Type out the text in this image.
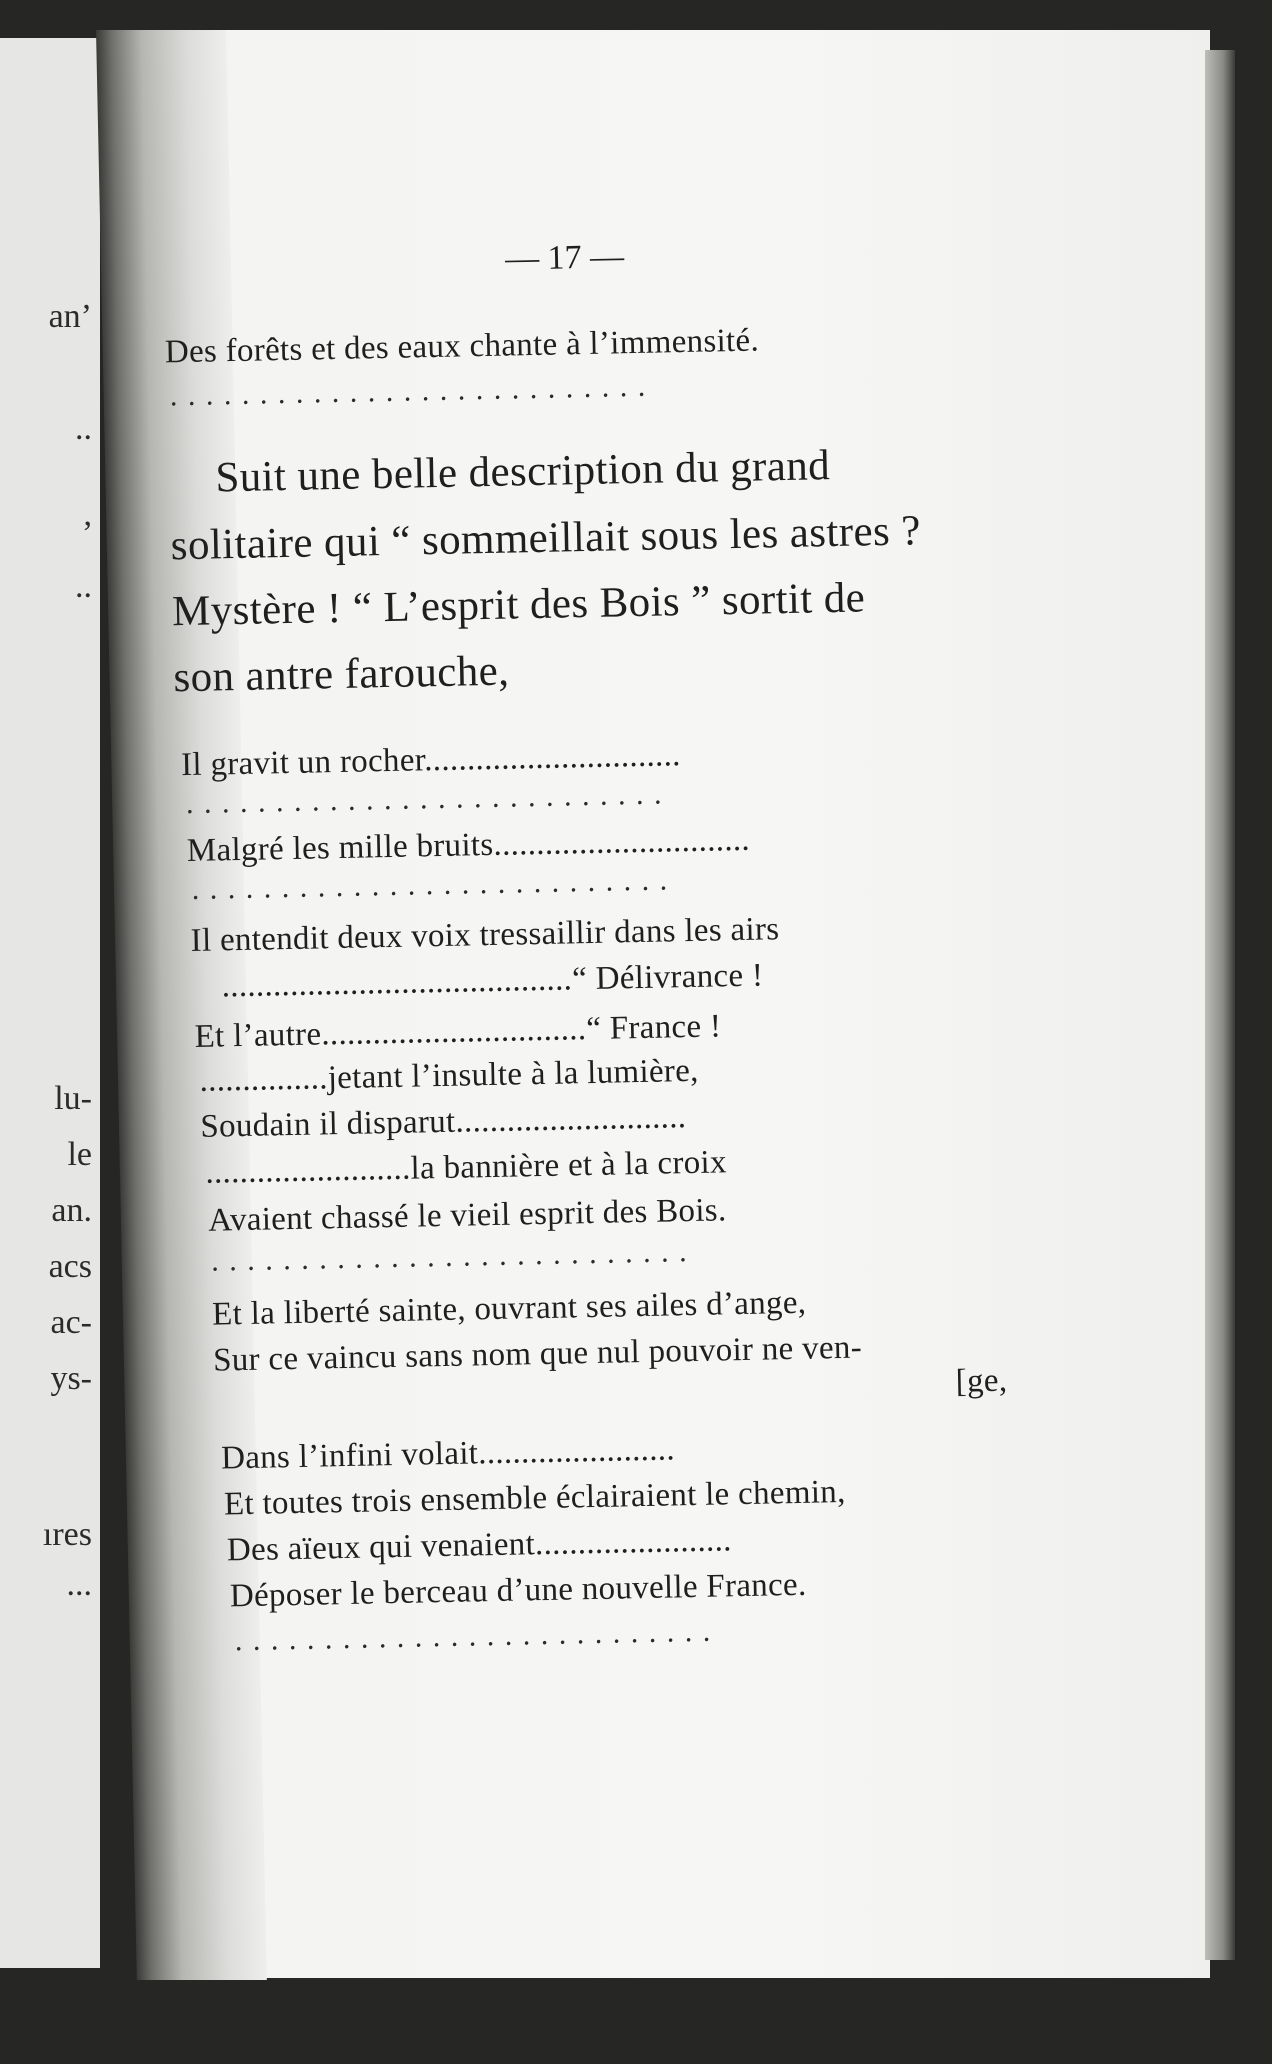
an’
..
,
..
lu-
le
an.
acs
ac-
ys-
ıres
...
— 17 —
Des forêts et des eaux chante à l’immensité.
...........................
Suit une belle description du grand
solitaire qui “ sommeillait sous les astres ?
Mystère ! “ L’esprit des Bois ” sortit de
son antre farouche,
Il gravit un rocher..............................
...........................
Malgré les mille bruits..............................
...........................
Il entendit deux voix tressaillir dans les airs
.........................................“ Délivrance !
Et l’autre...............................“ France !
...............jetant l’insulte à la lumière,
Soudain il disparut...........................
........................la bannière et à la croix
Avaient chassé le vieil esprit des Bois.
...........................
Et la liberté sainte, ouvrant ses ailes d’ange,
Sur ce vaincu sans nom que nul pouvoir ne ven-
[ge,
Dans l’infini volait.......................
Et toutes trois ensemble éclairaient le chemin,
Des aïeux qui venaient.......................
Déposer le berceau d’une nouvelle France.
...........................
